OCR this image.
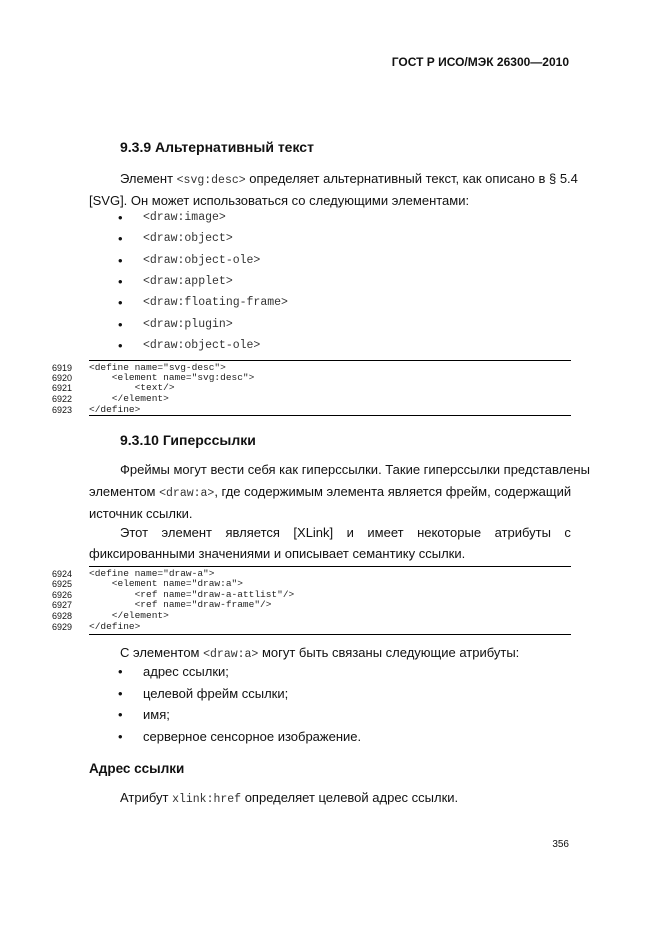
ГОСТ Р ИСО/МЭК 26300—2010
9.3.9 Альтернативный текст
Элемент <svg:desc> определяет альтернативный текст, как описано в § 5.4
[SVG]. Он может использоваться со следующими элементами:
• <draw:image>
• <draw:object>
• <draw:object-ole>
• <draw:applet>
• <draw:floating-frame>
• <draw:plugin>
• <draw:object-ole>
6919 <define name="svg-desc">
6920 <element name="svg:desc">
6921 <text/>
6922 </element>
6923 </define>
9.3.10 Гиперссылки
Фреймы могут вести себя как гиперссылки. Такие гиперссылки представлены
элементом <draw:a> , где содержимым элемента является фрейм, содержащий
источник ссылки.
Этот элемент является [XLink] и имеет некоторые атрибуты с
фиксированными значениями и описывает семантику ссылки.
6924 <define name="draw-a">
6925 <element name="draw:a">
6926 <ref name="draw-a-attlist"/>
6927 <ref name="draw-frame"/>
6928 </element>
6929 </define>
С элементом <draw:a> могут быть связаны следующие атрибуты:
• адрес ссылки;
• целевой фрейм ссылки;
• имя;
• серверное сенсорное изображение.
Адрес ссылки
Атрибут xlink:href определяет целевой адрес ссылки.
356
